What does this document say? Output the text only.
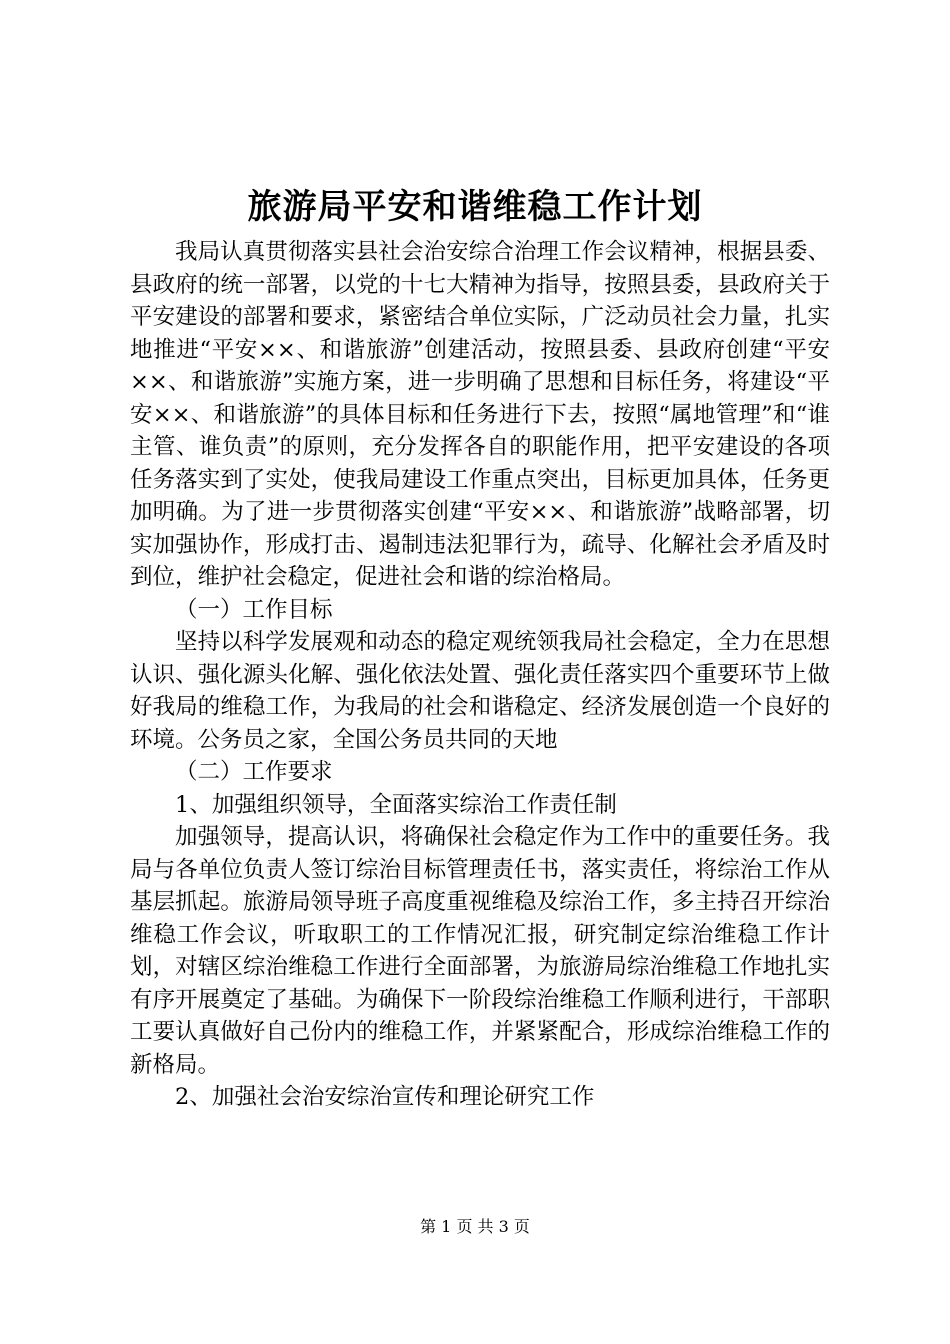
旅游局平安和谐维稳工作计划

我局认真贯彻落实县社会治安综合治理工作会议精神，根据县委、县政府的统一部署，以党的十七大精神为指导，按照县委，县政府关于平安建设的部署和要求，紧密结合单位实际，广泛动员社会力量，扎实地推进“平安××、和谐旅游”创建活动，按照县委、县政府创建“平安××、和谐旅游”实施方案，进一步明确了思想和目标任务，将建设“平安××、和谐旅游”的具体目标和任务进行下去，按照“属地管理”和“谁主管、谁负责”的原则，充分发挥各自的职能作用，把平安建设的各项任务落实到了实处，使我局建设工作重点突出，目标更加具体，任务更加明确。为了进一步贯彻落实创建“平安××、和谐旅游”战略部署，切实加强协作，形成打击、遏制违法犯罪行为，疏导、化解社会矛盾及时到位，维护社会稳定，促进社会和谐的综治格局。

（一）工作目标

坚持以科学发展观和动态的稳定观统领我局社会稳定，全力在思想认识、强化源头化解、强化依法处置、强化责任落实四个重要环节上做好我局的维稳工作，为我局的社会和谐稳定、经济发展创造一个良好的环境。公务员之家，全国公务员共同的天地

（二）工作要求

1、加强组织领导，全面落实综治工作责任制

加强领导，提高认识，将确保社会稳定作为工作中的重要任务。我局与各单位负责人签订综治目标管理责任书，落实责任，将综治工作从基层抓起。旅游局领导班子高度重视维稳及综治工作，多主持召开综治维稳工作会议，听取职工的工作情况汇报，研究制定综治维稳工作计划，对辖区综治维稳工作进行全面部署，为旅游局综治维稳工作地扎实有序开展奠定了基础。为确保下一阶段综治维稳工作顺利进行，干部职工要认真做好自己份内的维稳工作，并紧紧配合，形成综治维稳工作的新格局。

2、加强社会治安综治宣传和理论研究工作

第 1 页 共 3 页
